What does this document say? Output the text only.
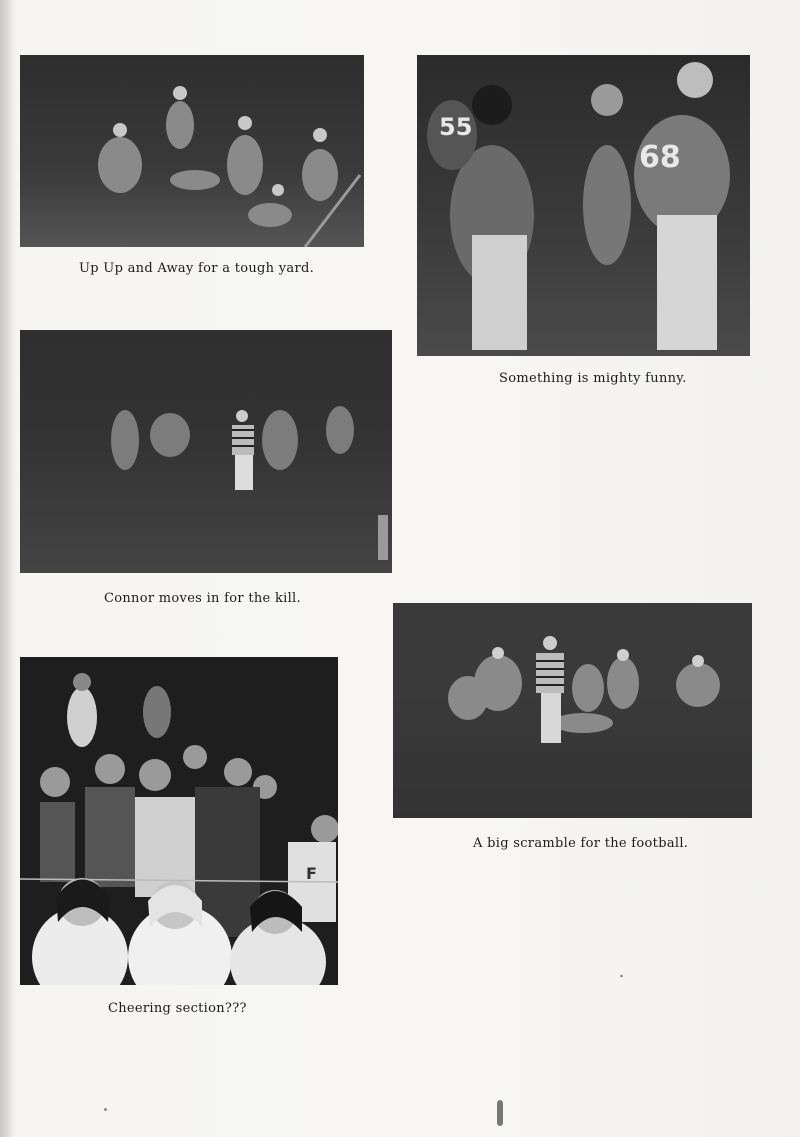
Up Up and Away for a tough yard.
68
55
Something is mighty funny.
Connor moves in for the kill.
A big scramble for the football.
F
Cheering section???
